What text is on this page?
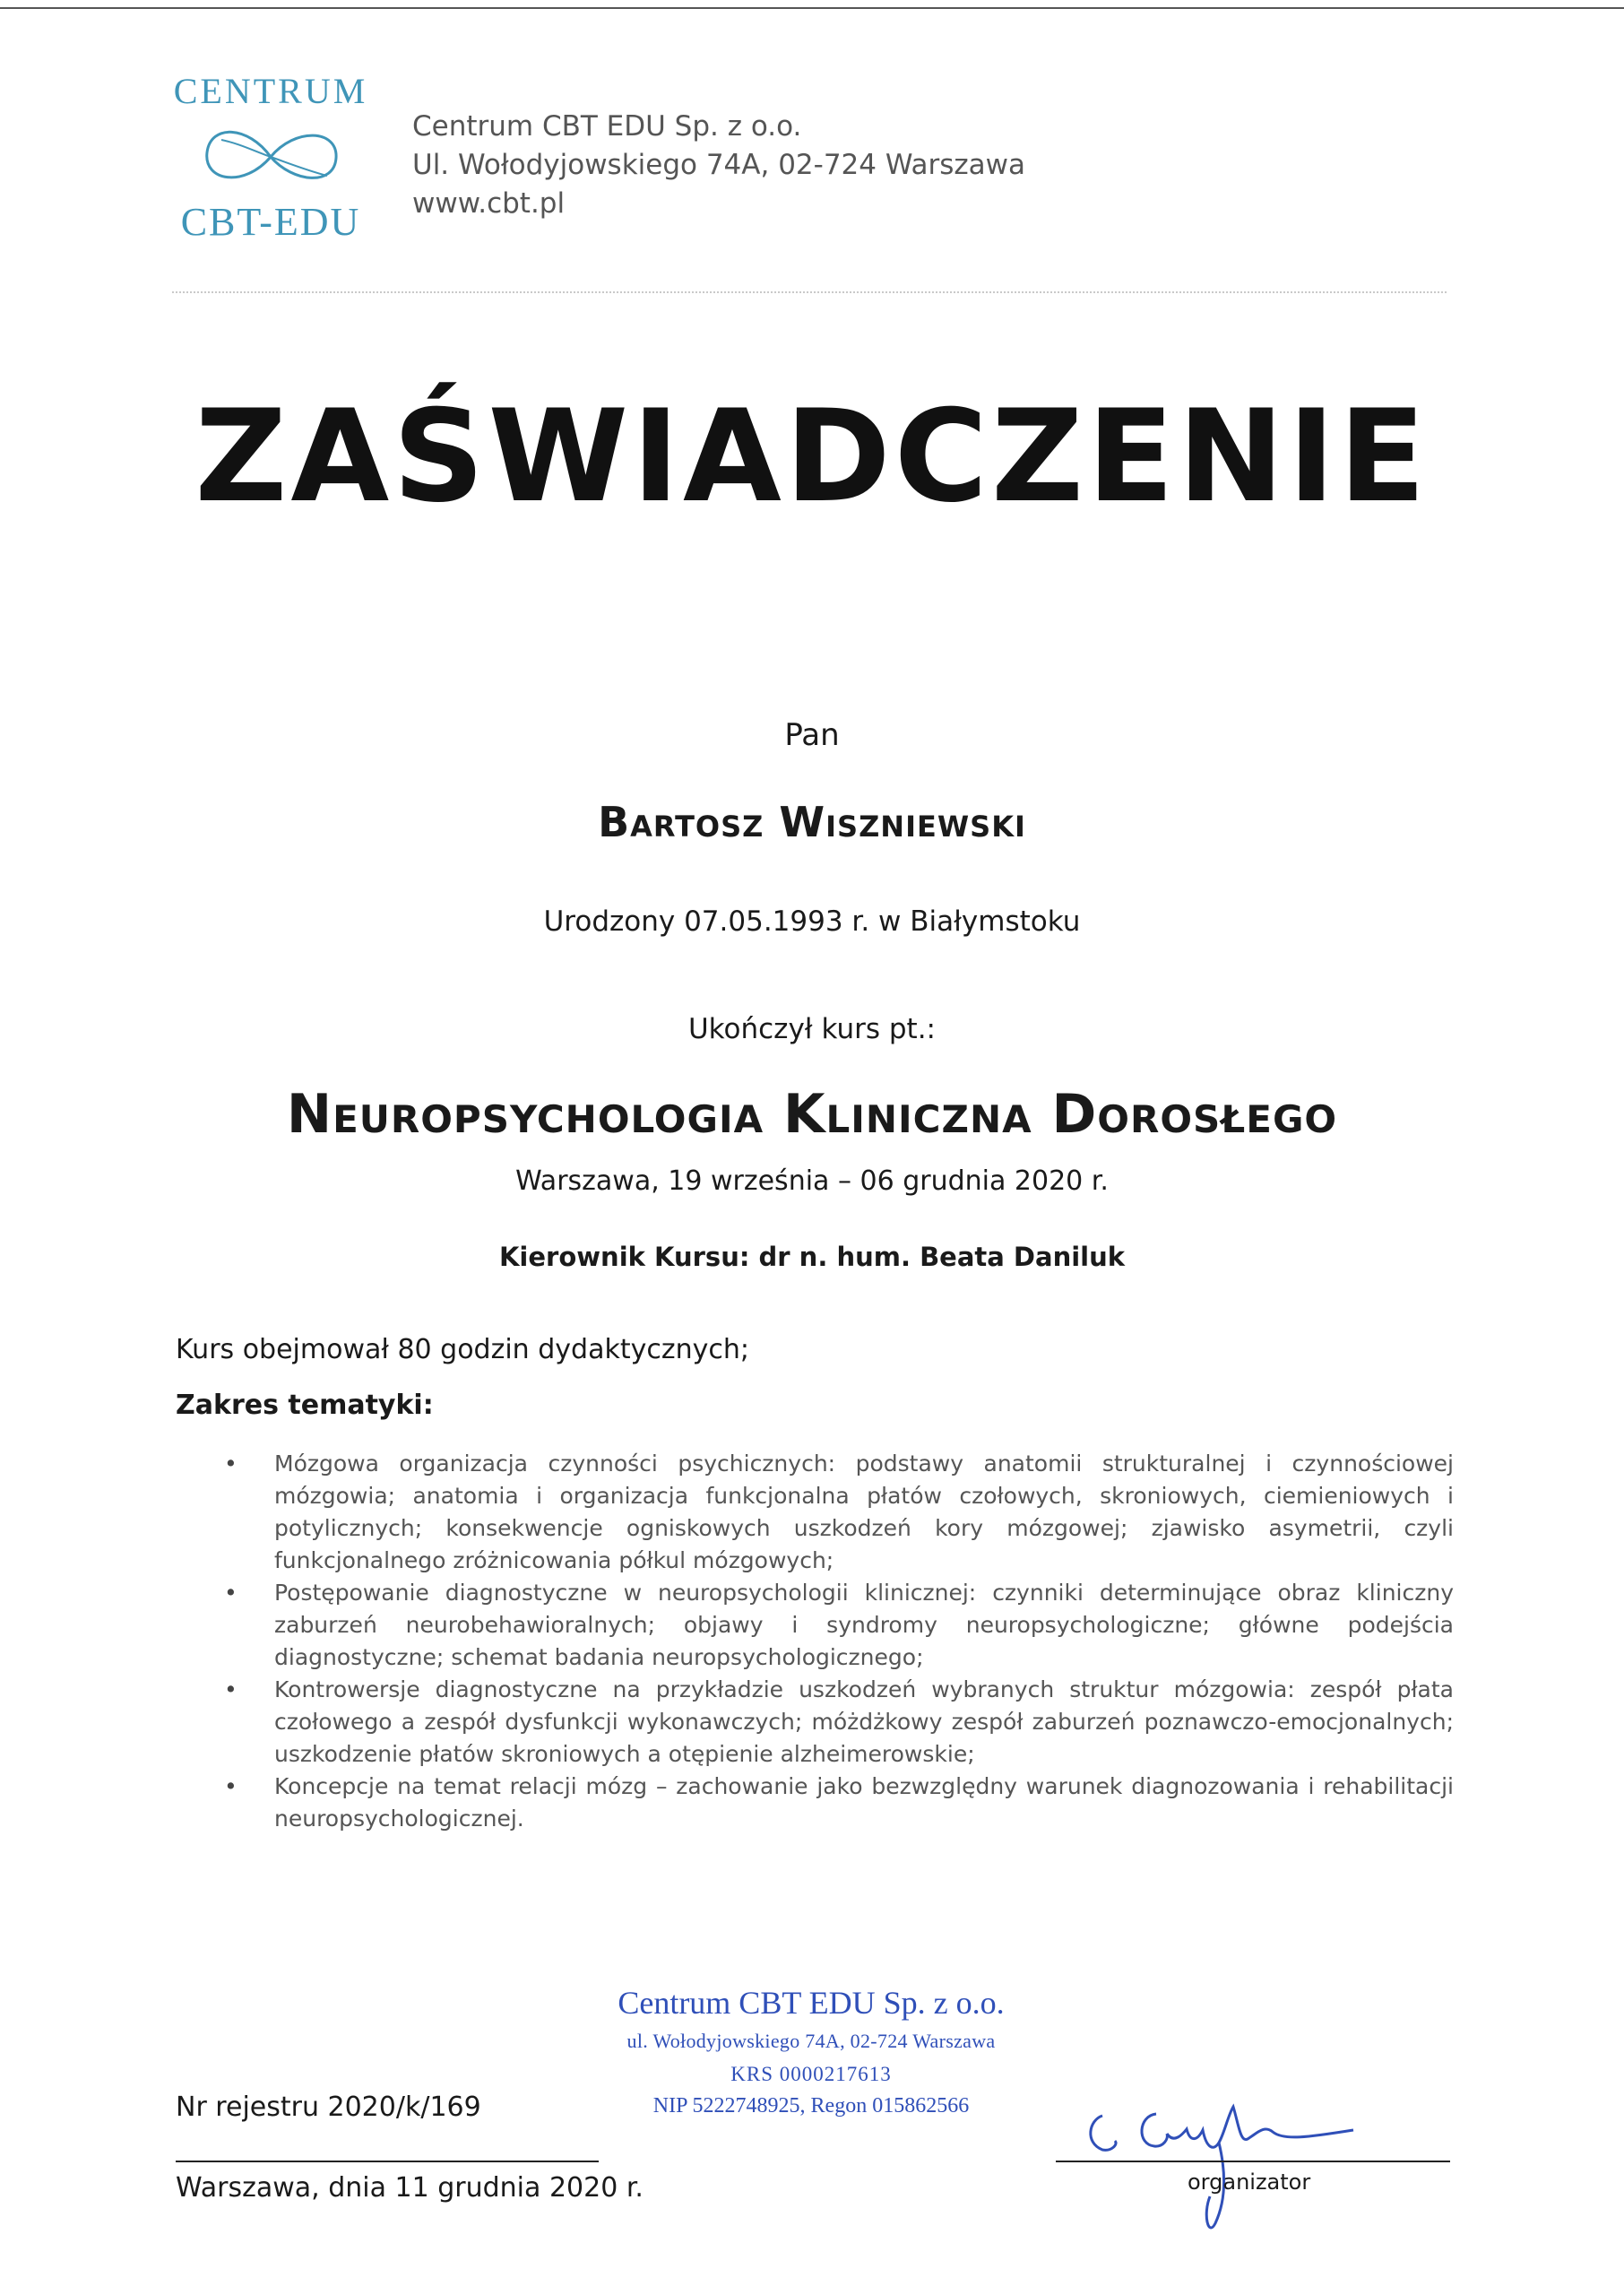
CENTRUM
CBT-EDU
Centrum CBT EDU Sp. z o.o.
Ul. Wołodyjowskiego 74A, 02-724 Warszawa
www.cbt.pl
ZAŚWIADCZENIE
Pan
Bartosz Wiszniewski
Urodzony 07.05.1993 r. w Białymstoku
Ukończył kurs pt.:
Neuropsychologia Kliniczna Dorosłego
Warszawa, 19 września – 06 grudnia 2020 r.
Kierownik Kursu: dr n. hum. Beata Daniluk
Kurs obejmował 80 godzin dydaktycznych;
Zakres tematyki:
• Mózgowa organizacja czynności psychicznych: podstawy anatomii strukturalnej i czynnościowej mózgowia; anatomia i organizacja funkcjonalna płatów czołowych, skroniowych, ciemieniowych i potylicznych; konsekwencje ogniskowych uszkodzeń kory mózgowej; zjawisko asymetrii, czyli funkcjonalnego zróżnicowania półkul mózgowych;
• Postępowanie diagnostyczne w neuropsychologii klinicznej: czynniki determinujące obraz kliniczny zaburzeń neurobehawioralnych; objawy i syndromy neuropsychologiczne; główne podejścia diagnostyczne; schemat badania neuropsychologicznego;
• Kontrowersje diagnostyczne na przykładzie uszkodzeń wybranych struktur mózgowia: zespół płata czołowego a zespół dysfunkcji wykonawczych; móżdżkowy zespół zaburzeń poznawczo-emocjonalnych; uszkodzenie płatów skroniowych a otępienie alzheimerowskie;
• Koncepcje na temat relacji mózg – zachowanie jako bezwzględny warunek diagnozowania i rehabilitacji neuropsychologicznej.
Centrum CBT EDU Sp. z o.o.
ul. Wołodyjowskiego 74A, 02-724 Warszawa
KRS 0000217613
NIP 5222748925, Regon 015862566
Nr rejestru 2020/k/169
Warszawa, dnia 11 grudnia 2020 r.	organizator
